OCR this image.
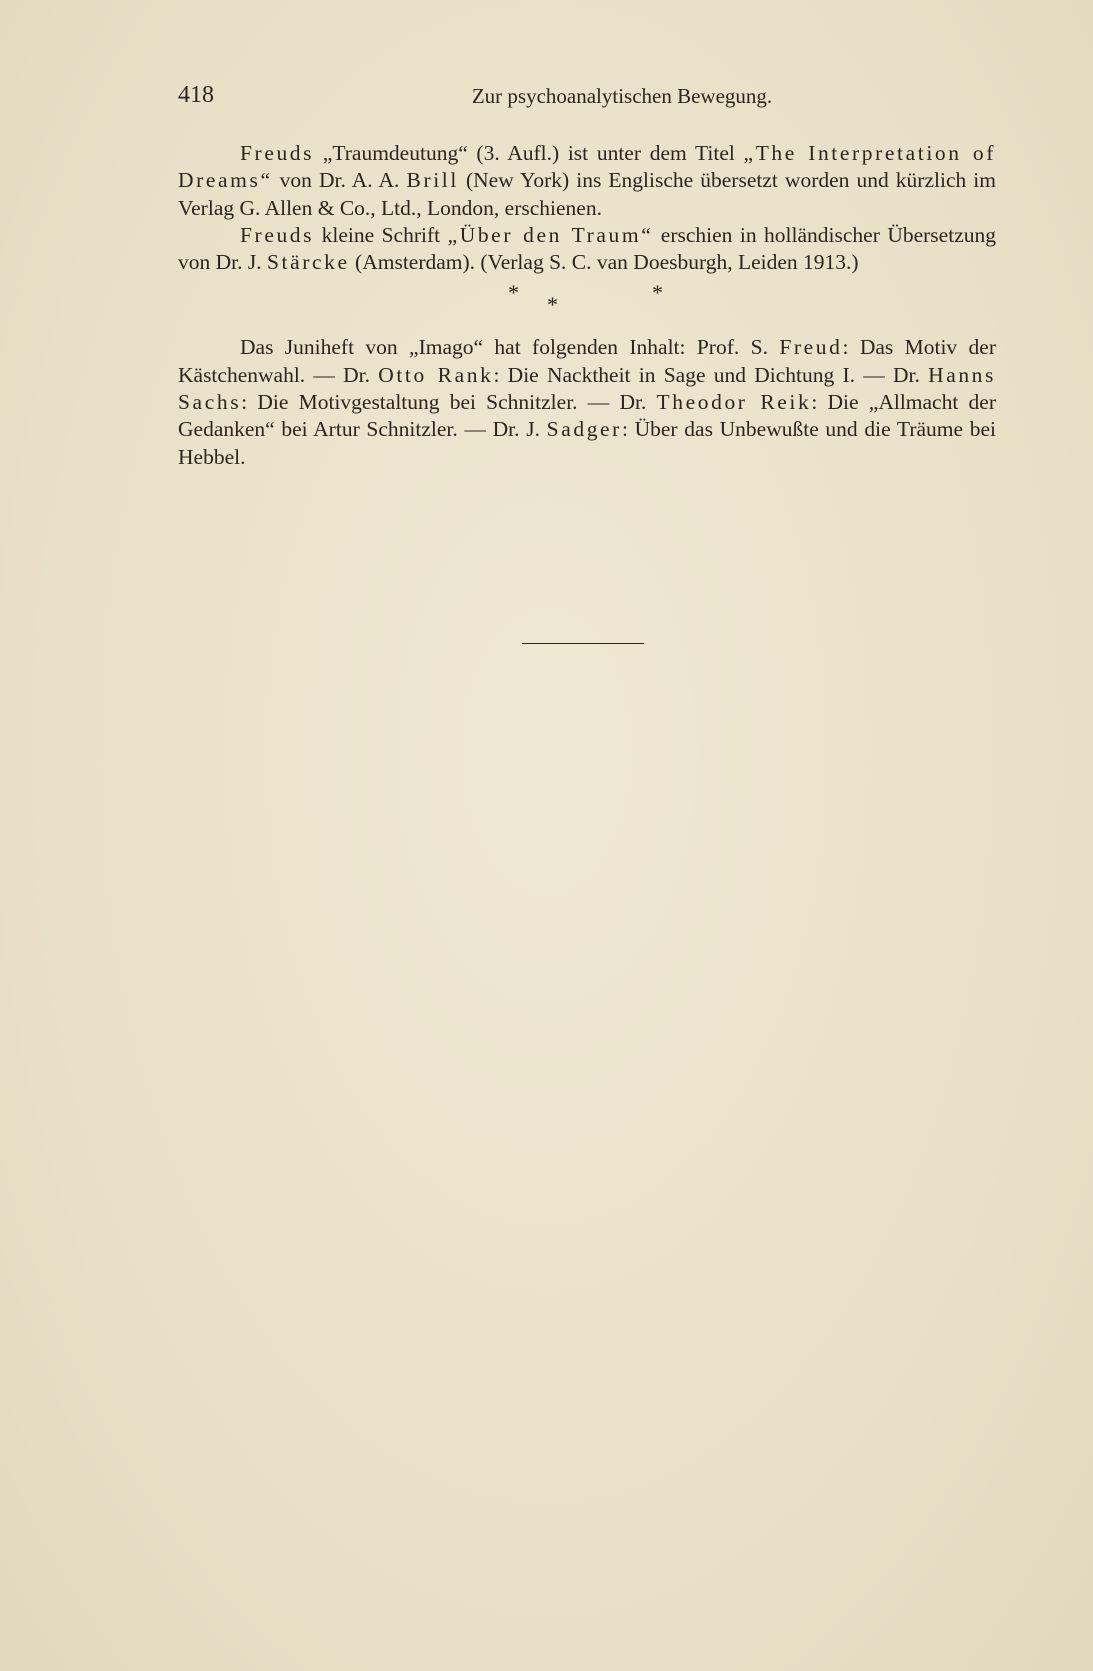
418	Zur psychoanalytischen Bewegung.

Freuds „Traumdeutung“ (3. Aufl.) ist unter dem Titel „The Interpretation of Dreams“ von Dr. A. A. Brill (New York) ins Englische übersetzt worden und kürzlich im Verlag G. Allen & Co., Ltd., London, erschienen.

Freuds kleine Schrift „Über den Traum“ erschien in holländischer Übersetzung von Dr. J. Stärcke (Amsterdam). (Verlag S. C. van Doesburgh, Leiden 1913.)

* *	*

Das Juniheft von „Imago“ hat folgenden Inhalt: Prof. S. Freud: Das Motiv der Kästchenwahl. — Dr. Otto Rank: Die Nacktheit in Sage und Dichtung I. — Dr. Hanns Sachs: Die Motivgestaltung bei Schnitzler. — Dr. Theodor Reik: Die „Allmacht der Gedanken“ bei Artur Schnitzler. — Dr. J. Sadger: Über das Unbewußte und die Träume bei Hebbel.
